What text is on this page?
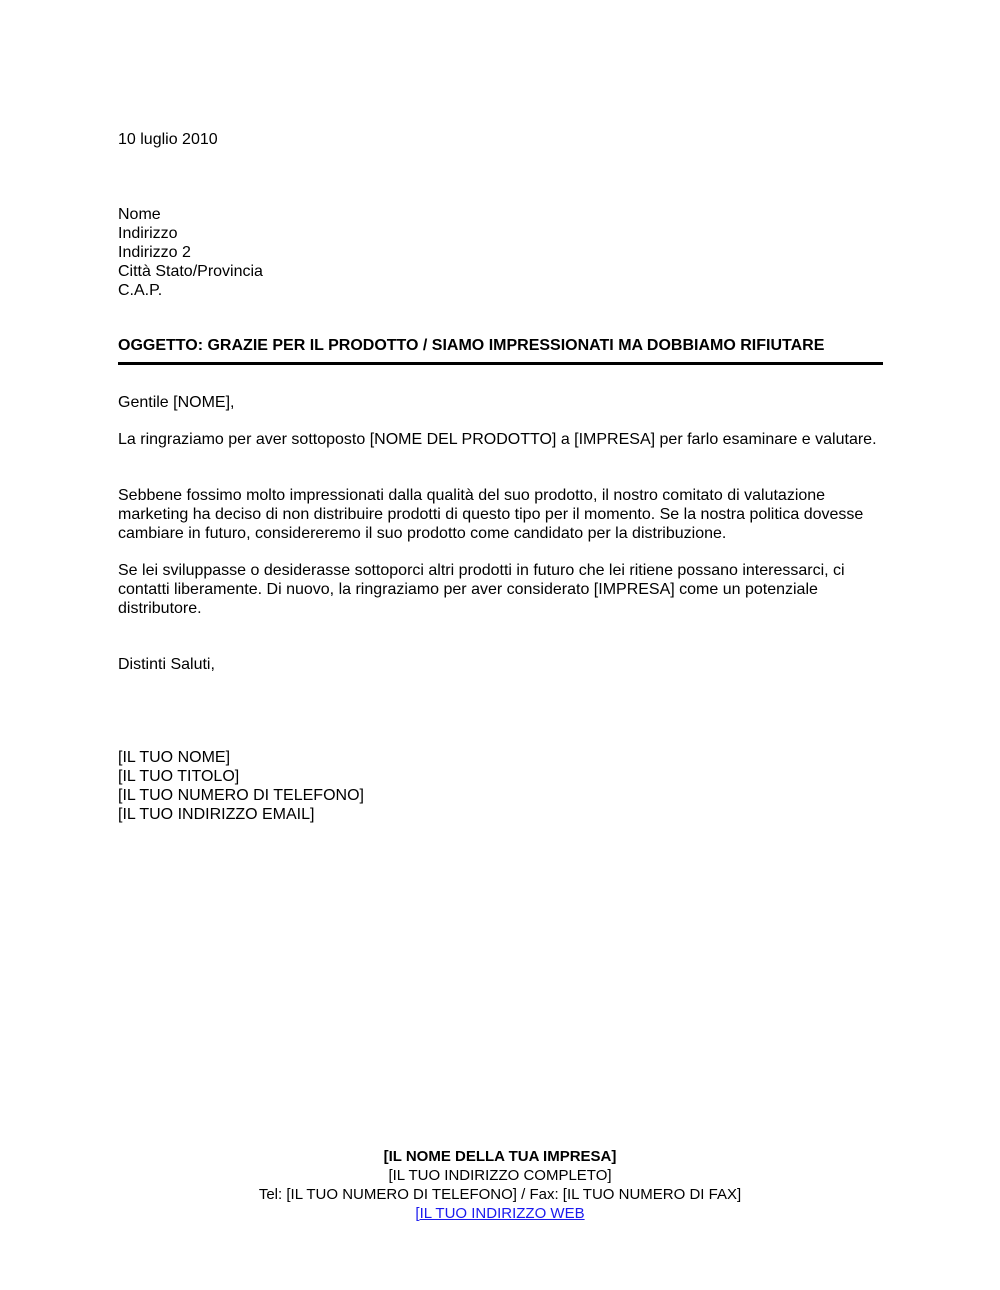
10 luglio 2010
Nome
Indirizzo
Indirizzo 2
Città Stato/Provincia
C.A.P.
OGGETTO: GRAZIE PER IL PRODOTTO / SIAMO IMPRESSIONATI MA DOBBIAMO RIFIUTARE
Gentile [NOME],
La ringraziamo per aver sottoposto [NOME DEL PRODOTTO] a [IMPRESA] per farlo esaminare e valutare.
Sebbene fossimo molto impressionati dalla qualità del suo prodotto, il nostro comitato di valutazione marketing ha deciso di non distribuire prodotti di questo tipo per il momento. Se la nostra politica dovesse cambiare in futuro, considereremo il suo prodotto come candidato per la distribuzione.
Se lei sviluppasse o desiderasse sottoporci altri prodotti in futuro che lei ritiene possano interessarci, ci contatti liberamente. Di nuovo, la ringraziamo per aver considerato [IMPRESA] come un potenziale distributore.
Distinti Saluti,
[IL TUO NOME]
[IL TUO TITOLO]
[IL TUO NUMERO DI TELEFONO]
[IL TUO INDIRIZZO EMAIL]
[IL NOME DELLA TUA IMPRESA]
[IL TUO INDIRIZZO COMPLETO]
Tel: [IL TUO NUMERO DI TELEFONO] / Fax: [IL TUO NUMERO DI FAX]
[IL TUO INDIRIZZO WEB
